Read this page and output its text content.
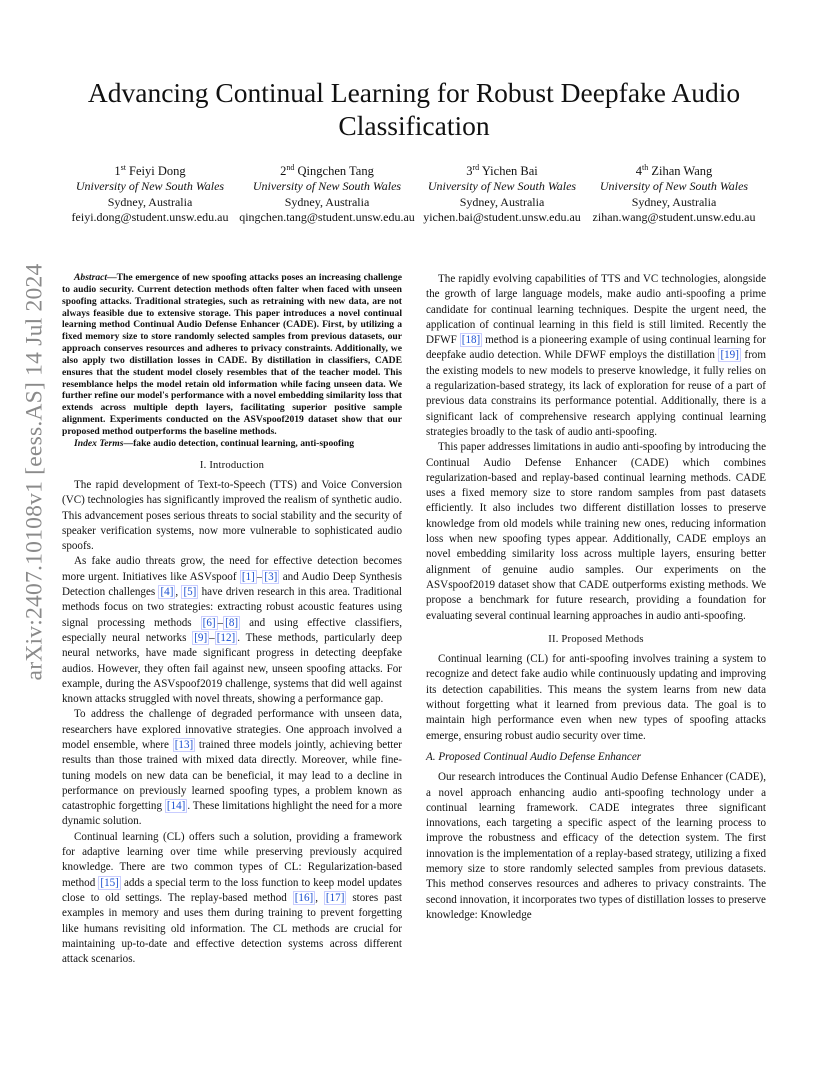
arXiv:2407.10108v1 [eess.AS] 14 Jul 2024
Advancing Continual Learning for Robust Deepfake Audio Classification
1st Feiyi Dong
University of New South Wales
Sydney, Australia
feiyi.dong@student.unsw.edu.au
2nd Qingchen Tang
University of New South Wales
Sydney, Australia
qingchen.tang@student.unsw.edu.au
3rd Yichen Bai
University of New South Wales
Sydney, Australia
yichen.bai@student.unsw.edu.au
4th Zihan Wang
University of New South Wales
Sydney, Australia
zihan.wang@student.unsw.edu.au

Abstract—The emergence of new spoofing attacks poses an increasing challenge to audio security. Current detection methods often falter when faced with unseen spoofing attacks. Traditional strategies, such as retraining with new data, are not always feasible due to extensive storage. This paper introduces a novel continual learning method Continual Audio Defense Enhancer (CADE). First, by utilizing a fixed memory size to store randomly selected samples from previous datasets, our approach conserves resources and adheres to privacy constraints. Additionally, we also apply two distillation losses in CADE. By distillation in classifiers, CADE ensures that the student model closely resembles that of the teacher model. This resemblance helps the model retain old information while facing unseen data. We further refine our model's performance with a novel embedding similarity loss that extends across multiple depth layers, facilitating superior positive sample alignment. Experiments conducted on the ASVspoof2019 dataset show that our proposed method outperforms the baseline methods.

Index Terms—fake audio detection, continual learning, anti-spoofing

I. Introduction

The rapid development of Text-to-Speech (TTS) and Voice Conversion (VC) technologies has significantly improved the realism of synthetic audio. This advancement poses serious threats to social stability and the security of speaker verification systems, now more vulnerable to sophisticated audio spoofs.

As fake audio threats grow, the need for effective detection becomes more urgent. Initiatives like ASVspoof [1] – [3] and Audio Deep Synthesis Detection challenges [4] , [5] have driven research in this area. Traditional methods focus on two strategies: extracting robust acoustic features using signal processing methods [6] – [8] and using effective classifiers, especially neural networks [9] – [12] . These methods, particularly deep neural networks, have made significant progress in detecting deepfake audios. However, they often fail against new, unseen spoofing attacks. For example, during the ASVspoof2019 challenge, systems that did well against known attacks struggled with novel threats, showing a performance gap.

To address the challenge of degraded performance with unseen data, researchers have explored innovative strategies. One approach involved a model ensemble, where [13] trained three models jointly, achieving better results than those trained with mixed data directly. Moreover, while fine-tuning models on new data can be beneficial, it may lead to a decline in performance on previously learned spoofing types, a problem known as catastrophic forgetting [14] . These limitations highlight the need for a more dynamic solution.

Continual learning (CL) offers such a solution, providing a framework for adaptive learning over time while preserving previously acquired knowledge. There are two common types of CL: Regularization-based method [15] adds a special term to the loss function to keep model updates close to old settings. The replay-based method [16] , [17] stores past examples in memory and uses them during training to prevent forgetting like humans revisiting old information. The CL methods are crucial for maintaining up-to-date and effective detection systems across different attack scenarios.

The rapidly evolving capabilities of TTS and VC technologies, alongside the growth of large language models, make audio anti-spoofing a prime candidate for continual learning techniques. Despite the urgent need, the application of continual learning in this field is still limited. Recently the DFWF [18] method is a pioneering example of using continual learning for deepfake audio detection. While DFWF employs the distillation [19] from the existing models to new models to preserve knowledge, it fully relies on a regularization-based strategy, its lack of exploration for reuse of a part of previous data constrains its performance potential. Additionally, there is a significant lack of comprehensive research applying continual learning strategies broadly to the task of audio anti-spoofing.

This paper addresses limitations in audio anti-spoofing by introducing the Continual Audio Defense Enhancer (CADE) which combines regularization-based and replay-based continual learning methods. CADE uses a fixed memory size to store random samples from past datasets efficiently. It also includes two different distillation losses to preserve knowledge from old models while training new ones, reducing information loss when new spoofing types appear. Additionally, CADE employs an novel embedding similarity loss across multiple layers, ensuring better alignment of genuine audio samples. Our experiments on the ASVspoof2019 dataset show that CADE outperforms existing methods. We propose a benchmark for future research, providing a foundation for evaluating several continual learning approaches in audio anti-spoofing.

II. Proposed Methods

Continual learning (CL) for anti-spoofing involves training a system to recognize and detect fake audio while continuously updating and improving its detection capabilities. This means the system learns from new data without forgetting what it learned from previous data. The goal is to maintain high performance even when new types of spoofing attacks emerge, ensuring robust audio security over time.

A. Proposed Continual Audio Defense Enhancer

Our research introduces the Continual Audio Defense Enhancer (CADE), a novel approach enhancing audio anti-spoofing technology under a continual learning framework. CADE integrates three significant innovations, each targeting a specific aspect of the learning process to improve the robustness and efficacy of the detection system. The first innovation is the implementation of a replay-based strategy, utilizing a fixed memory size to store randomly selected samples from previous datasets. This method conserves resources and adheres to privacy constraints. The second innovation, it incorporates two types of distillation losses to preserve knowledge: Knowledge
